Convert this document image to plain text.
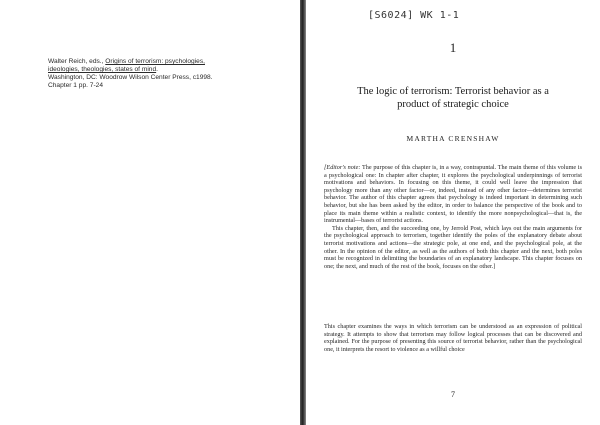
Walter Reich, eds., Origins of terrorism: psychologies,
ideologies, theologies, states of mind.
Washington, DC: Woodrow Wilson Center Press, c1998.
Chapter 1 pp. 7-24
[S6024] WK 1-1
1
The logic of terrorism: Terrorist behavior as a
product of strategic choice
MARTHA CRENSHAW

[Editor's note: The purpose of this chapter is, in a way, contrapuntal. The main theme of this volume is a psychological one: In chapter after chapter, it explores the psychological underpinnings of terrorist motivations and behaviors. In focusing on this theme, it could well leave the impression that psychology more than any other factor—or, indeed, instead of any other factor—determines terrorist behavior. The author of this chapter agrees that psychology is indeed important in determining such behavior, but she has been asked by the editor, in order to balance the perspective of the book and to place its main theme within a realistic context, to identify the more nonpsychological—that is, the instrumental—bases of terrorist actions.

This chapter, then, and the succeeding one, by Jerrold Post, which lays out the main arguments for the psychological approach to terrorism, together identify the poles of the explanatory debate about terrorist motivations and actions—the strategic pole, at one end, and the psychological pole, at the other. In the opinion of the editor, as well as the authors of both this chapter and the next, both poles must be recognized in delimiting the boundaries of an explanatory landscape. This chapter focuses on one; the next, and much of the rest of the book, focuses on the other.]

This chapter examines the ways in which terrorism can be understood as an expression of political strategy. It attempts to show that terrorism may follow logical processes that can be discovered and explained. For the purpose of presenting this source of terrorist behavior, rather than the psychological one, it interprets the resort to violence as a willful choice

7
